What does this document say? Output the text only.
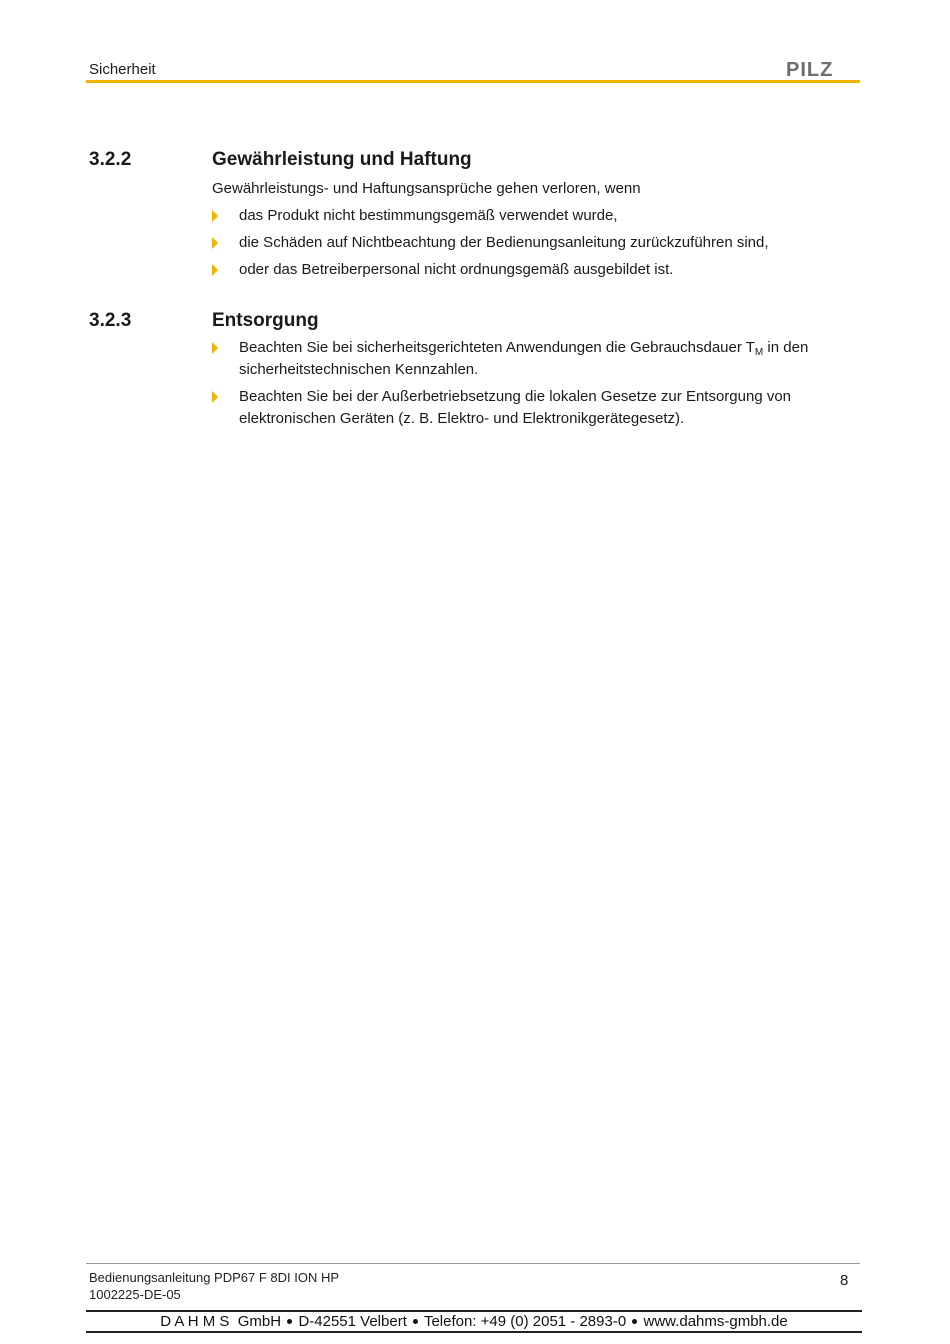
Sicherheit	PILZ
3.2.2	Gewährleistung und Haftung
Gewährleistungs- und Haftungsansprüche gehen verloren, wenn
das Produkt nicht bestimmungsgemäß verwendet wurde,
die Schäden auf Nichtbeachtung der Bedienungsanleitung zurückzuführen sind,
oder das Betreiberpersonal nicht ordnungsgemäß ausgebildet ist.
3.2.3	Entsorgung
Beachten Sie bei sicherheitsgerichteten Anwendungen die Gebrauchsdauer $T_M$ in den sicherheitstechnischen Kennzahlen.
Beachten Sie bei der Außerbetriebsetzung die lokalen Gesetze zur Entsorgung von elektronischen Geräten (z. B. Elektro- und Elektronikgerätegesetz).
Bedienungsanleitung PDP67 F 8DI ION HP
1002225-DE-05
8
D A H M S  GmbH D-42551 Velbert Telefon: +49 (0) 2051 - 2893-0 www.dahms-gmbh.de
